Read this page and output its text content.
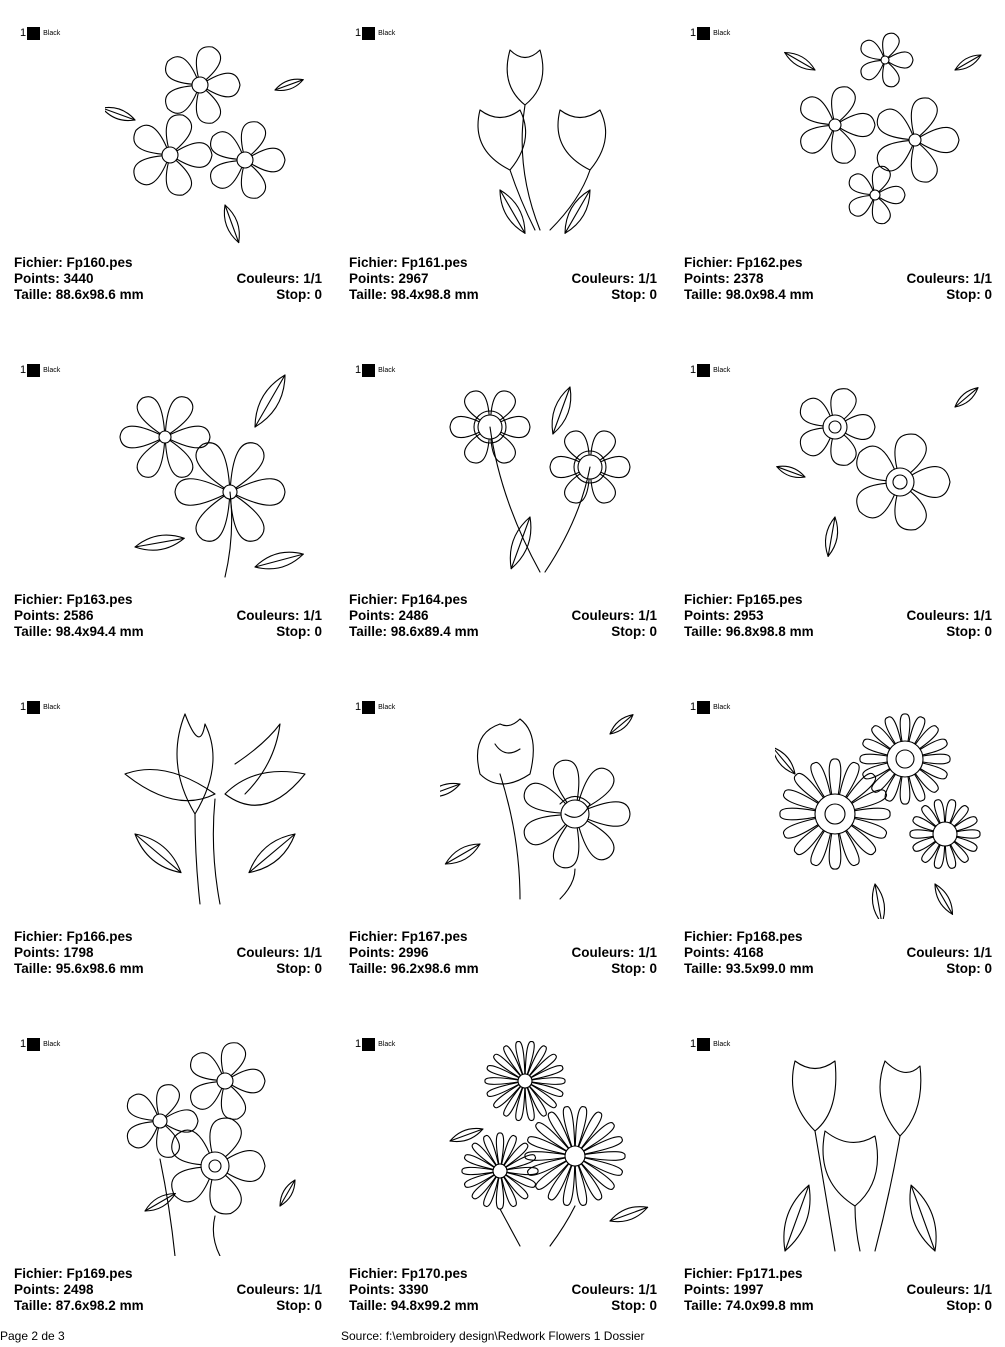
1 Black
Fichier: Fp160.pes
Points: 3440	Couleurs: 1/1
Taille: 88.6x98.6 mm	Stop: 0
1 Black
Fichier: Fp161.pes
Points: 2967	Couleurs: 1/1
Taille: 98.4x98.8 mm	Stop: 0
1 Black
Fichier: Fp162.pes
Points: 2378	Couleurs: 1/1
Taille: 98.0x98.4 mm	Stop: 0
1 Black
Fichier: Fp163.pes
Points: 2586	Couleurs: 1/1
Taille: 98.4x94.4 mm	Stop: 0
1 Black
Fichier: Fp164.pes
Points: 2486	Couleurs: 1/1
Taille: 98.6x89.4 mm	Stop: 0
1 Black
Fichier: Fp165.pes
Points: 2953	Couleurs: 1/1
Taille: 96.8x98.8 mm	Stop: 0
1 Black
Fichier: Fp166.pes
Points: 1798	Couleurs: 1/1
Taille: 95.6x98.6 mm	Stop: 0
1 Black
Fichier: Fp167.pes
Points: 2996	Couleurs: 1/1
Taille: 96.2x98.6 mm	Stop: 0
1 Black
Fichier: Fp168.pes
Points: 4168	Couleurs: 1/1
Taille: 93.5x99.0 mm	Stop: 0
1 Black
Fichier: Fp169.pes
Points: 2498	Couleurs: 1/1
Taille: 87.6x98.2 mm	Stop: 0
1 Black
Fichier: Fp170.pes
Points: 3390	Couleurs: 1/1
Taille: 94.8x99.2 mm	Stop: 0
1 Black
Fichier: Fp171.pes
Points: 1997	Couleurs: 1/1
Taille: 74.0x99.8 mm	Stop: 0
Page 2 de 3	Source: f:\embroidery design\Redwork Flowers 1 Dossier
